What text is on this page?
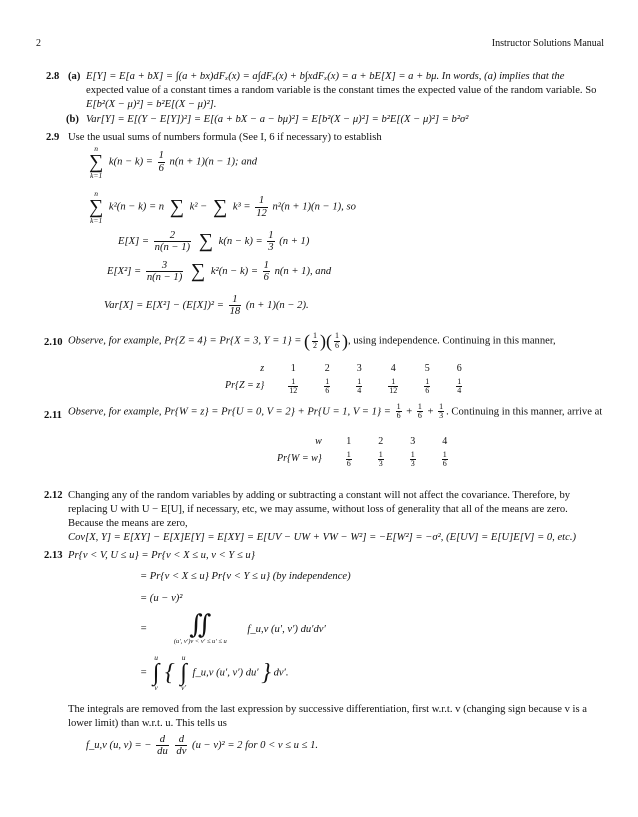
2	Instructor Solutions Manual
2.8 (a) E[Y] = E[a + bX] = ∫(a + bx)dFₓ(x) = a∫dFₓ(x) + b∫xdFₓ(x) = a + bE[X] = a + bμ. In words, (a) implies that the
expected value of a constant times a random variable is the constant times the expected value of the random variable. So
E[b²(X − μ)²] = b²E[(X − μ)²].
(b) Var[Y] = E[(Y − E[Y])²] = E[(a + bX − a − bμ)²] = E[b²(X − μ)²] = b²E[(X − μ)²] = b²σ²
2.9 Use the usual sums of numbers formula (See I, 6 if necessary) to establish
n
∑
k=1
$k(n - k) = \frac{1}{6} n(n + 1)(n - 1)$; and
n
∑
k=1
k²(n − k) = n ∑ k² − ∑ $k^3 = \frac{1}{12} n^2(n + 1)(n - 1)$, so
$E[X] = \frac{2}{n(n - 1)}$
∑ $k(n - k) = \frac{1}{3} (n + 1)$
$E[X^2] = \frac{3}{n(n - 1)}$
∑ $k^2(n - k) = \frac{1}{6} n(n + 1)$, and
$Var[X] = E[X^2] - (E[X])^2 = \frac{1}{18} (n + 1)(n - 2)$.
2.10 Observe, for example, Pr{Z = 4} = Pr{X = 3, Y = 1} = ( $\frac{1}{2}$ )( $\frac{1}{6}$ ), using independence. Continuing in this manner,
z	1	2	3	4	5	6
Pr{Z = z}	$\frac{1}{12}$	$\frac{1}{6}$	$\frac{1}{4}$	$\frac{1}{12}$	$\frac{1}{6}$	$\frac{1}{4}$
2.11 Observe, for example, Pr{W = z} = Pr{U = 0, V = 2} + Pr{U = 1, $V = 1\} = \frac{1}{6} + \frac{1}{6} + \frac{1}{3}$ . Continuing in this manner, arrive at
w	1	2	3	4
Pr{W = w}	$\frac{1}{6}$	$\frac{1}{3}$	$\frac{1}{3}$	$\frac{1}{6}$
2.12 Changing any of the random variables by adding or subtracting a constant will not affect the covariance. Therefore, by
replacing U with U − E[U], if necessary, etc, we may assume, without loss of generality that all of the means are zero.
Because the means are zero,
Cov[X, Y] = E[XY] − E[X]E[Y] = E[XY] = E[UV − UW + VW − W²] = −E[W²] = −σ², (E[UV] = E[U]E[V] = 0, etc.)
2.13 Pr{v < V, U ≤ u} = Pr{v < X ≤ u, v < Y ≤ u}
= Pr{v < X ≤ u} Pr{v < Y ≤ u} (by independence)
= (u − v)²
=	∬
(u′, v′)v < v′ ≤ u′ ≤ u
f_u,v (u′, v′) du′dv′
=
u
∫
v
{
u
∫
v′
f_u,v (u′, v′) du′ } dv′.
The integrals are removed from the last expression by successive differentiation, first w.r.t. v (changing sign because v is a
lower limit) than w.r.t. u. This tells us
f_u,v (u, v) = − $\frac{d}{du}$
$\frac{d}{dv} (u - v)^2 = 2$ for 0 < v ≤ u ≤ 1.
